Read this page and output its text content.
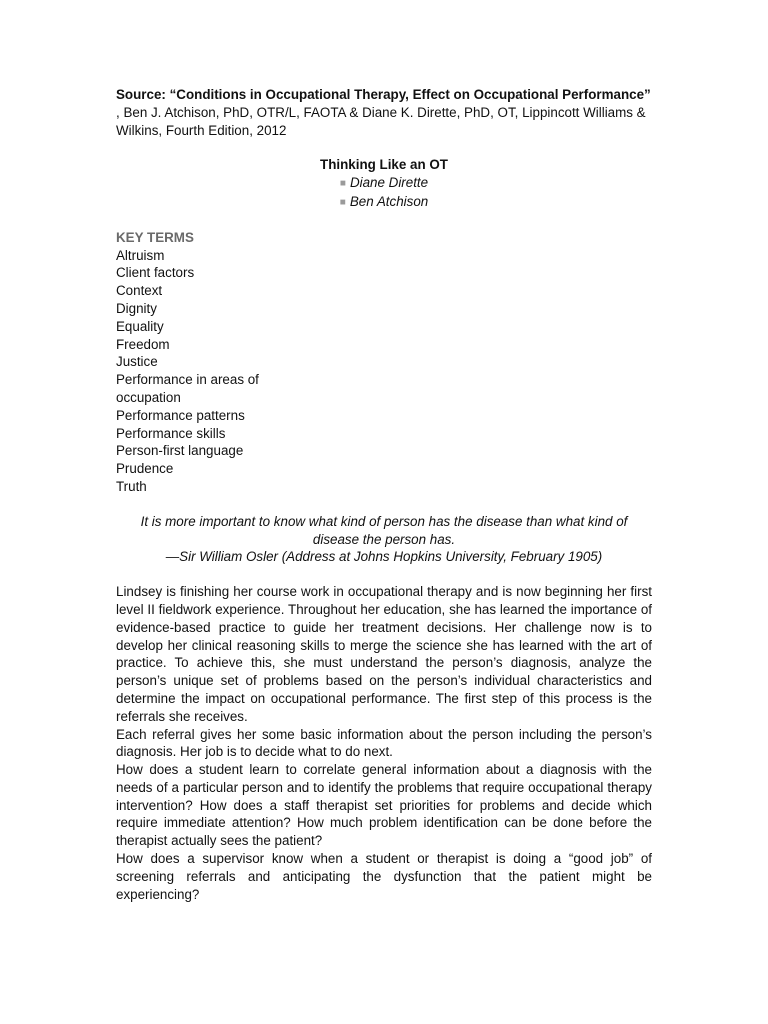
Source: “Conditions in Occupational Therapy, Effect on Occupational Performance” , Ben J. Atchison, PhD, OTR/L, FAOTA & Diane K. Dirette, PhD, OT, Lippincott Williams & Wilkins, Fourth Edition, 2012

Thinking Like an OT
■ Diane Dirette
■ Ben Atchison
KEY TERMS
Altruism
Client factors
Context
Dignity
Equality
Freedom
Justice
Performance in areas of occupation
Performance patterns
Performance skills
Person-first language
Prudence
Truth
It is more important to know what kind of person has the disease than what kind of disease the person has.
—Sir William Osler (Address at Johns Hopkins University, February 1905)

Lindsey is finishing her course work in occupational therapy and is now beginning her first level II fieldwork experience. Throughout her education, she has learned the importance of evidence-based practice to guide her treatment decisions. Her challenge now is to develop her clinical reasoning skills to merge the science she has learned with the art of practice. To achieve this, she must understand the person’s diagnosis, analyze the person’s unique set of problems based on the person’s individual characteristics and determine the impact on occupational performance. The first step of this process is the referrals she receives.

Each referral gives her some basic information about the person including the person’s diagnosis. Her job is to decide what to do next.

How does a student learn to correlate general information about a diagnosis with the needs of a particular person and to identify the problems that require occupational therapy intervention? How does a staff therapist set priorities for problems and decide which require immediate attention? How much problem identification can be done before the therapist actually sees the patient?

How does a supervisor know when a student or therapist is doing a “good job” of screening referrals and anticipating the dysfunction that the patient might be experiencing?
